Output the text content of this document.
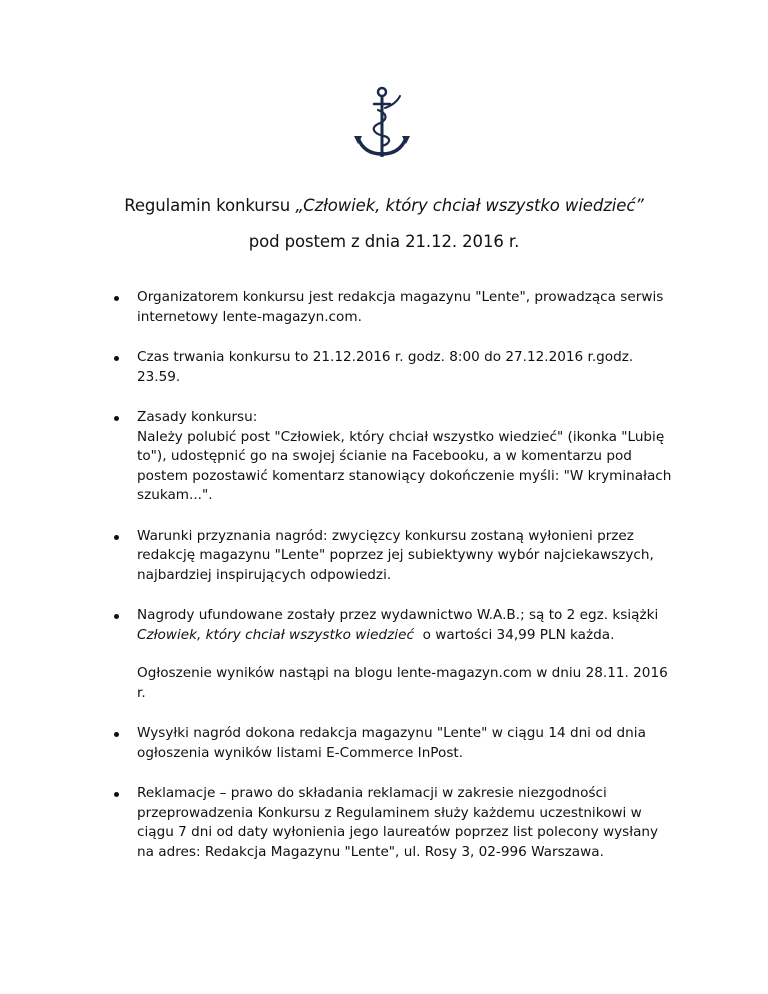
Regulamin konkursu „Człowiek, który chciał wszystko wiedzieć”
pod postem z dnia 21.12. 2016 r.
Organizatorem konkursu jest redakcja magazynu "Lente", prowadząca serwis internetowy lente-magazyn.com.
Czas trwania konkursu to 21.12.2016 r. godz. 8:00 do 27.12.2016 r.godz. 23.59.
Zasady konkursu:
Należy polubić post "Człowiek, który chciał wszystko wiedzieć" (ikonka "Lubię to"), udostępnić go na swojej ścianie na Facebooku, a w komentarzu pod postem pozostawić komentarz stanowiący dokończenie myśli: "W kryminałach szukam...".
Warunki przyznania nagród: zwycięzcy konkursu zostaną wyłonieni przez redakcję magazynu "Lente" poprzez jej subiektywny wybór najciekawszych, najbardziej inspirujących odpowiedzi.
Nagrody ufundowane zostały przez wydawnictwo W.A.B.; są to 2 egz. książki Człowiek, który chciał wszystko wiedzieć  o wartości 34,99 PLN każda.
Ogłoszenie wyników nastąpi na blogu lente-magazyn.com w dniu 28.11. 2016 r.
Wysyłki nagród dokona redakcja magazynu "Lente" w ciągu 14 dni od dnia ogłoszenia wyników listami E-Commerce InPost.
Reklamacje – prawo do składania reklamacji w zakresie niezgodności przeprowadzenia Konkursu z Regulaminem służy każdemu uczestnikowi w ciągu 7 dni od daty wyłonienia jego laureatów poprzez list polecony wysłany na adres: Redakcja Magazynu "Lente", ul. Rosy 3, 02-996 Warszawa.
